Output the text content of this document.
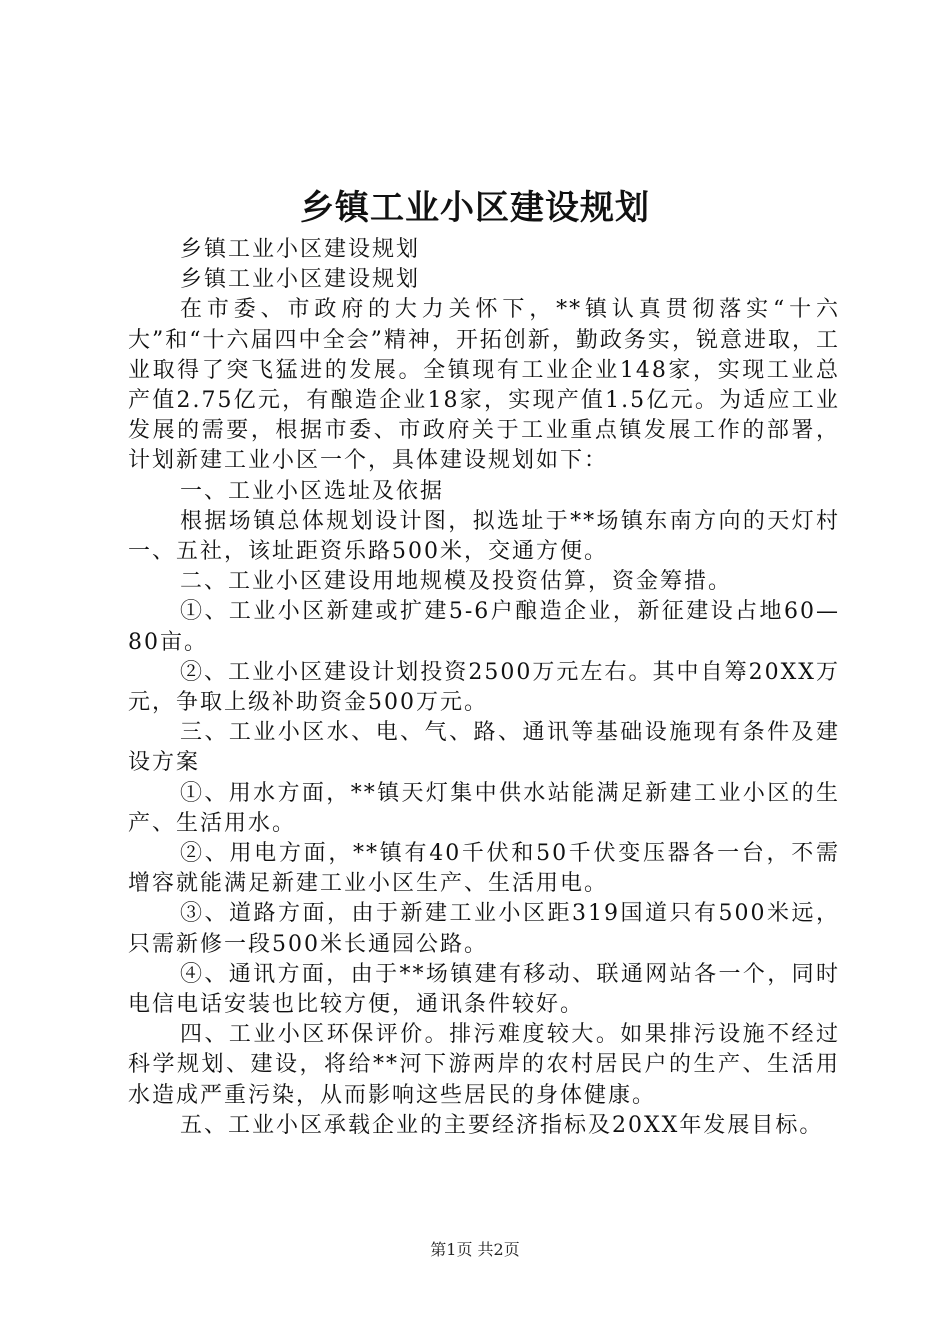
乡镇工业小区建设规划

乡镇工业小区建设规划

乡镇工业小区建设规划

在市委、市政府的大力关怀下，**镇认真贯彻落实“十六大”和“十六届四中全会”精神，开拓创新，勤政务实，锐意进取，工业取得了突飞猛进的发展。全镇现有工业企业148家，实现工业总产值2.75亿元，有酿造企业18家，实现产值1.5亿元。为适应工业发展的需要，根据市委、市政府关于工业重点镇发展工作的部署，计划新建工业小区一个，具体建设规划如下：

一、工业小区选址及依据

根据场镇总体规划设计图，拟选址于**场镇东南方向的天灯村一、五社，该址距资乐路500米，交通方便。

二、工业小区建设用地规模及投资估算，资金筹措。

①、工业小区新建或扩建5-6户酿造企业，新征建设占地60—80亩。

②、工业小区建设计划投资2500万元左右。其中自筹20XX万元，争取上级补助资金500万元。

三、工业小区水、电、气、路、通讯等基础设施现有条件及建设方案

①、用水方面，**镇天灯集中供水站能满足新建工业小区的生产、生活用水。

②、用电方面，**镇有40千伏和50千伏变压器各一台，不需增容就能满足新建工业小区生产、生活用电。

③、道路方面，由于新建工业小区距319国道只有500米远，只需新修一段500米长通园公路。

④、通讯方面，由于**场镇建有移动、联通网站各一个，同时电信电话安装也比较方便，通讯条件较好。

四、工业小区环保评价。排污难度较大。如果排污设施不经过科学规划、建设，将给**河下游两岸的农村居民户的生产、生活用水造成严重污染，从而影响这些居民的身体健康。

五、工业小区承载企业的主要经济指标及20XX年发展目标。

第1页 共2页
